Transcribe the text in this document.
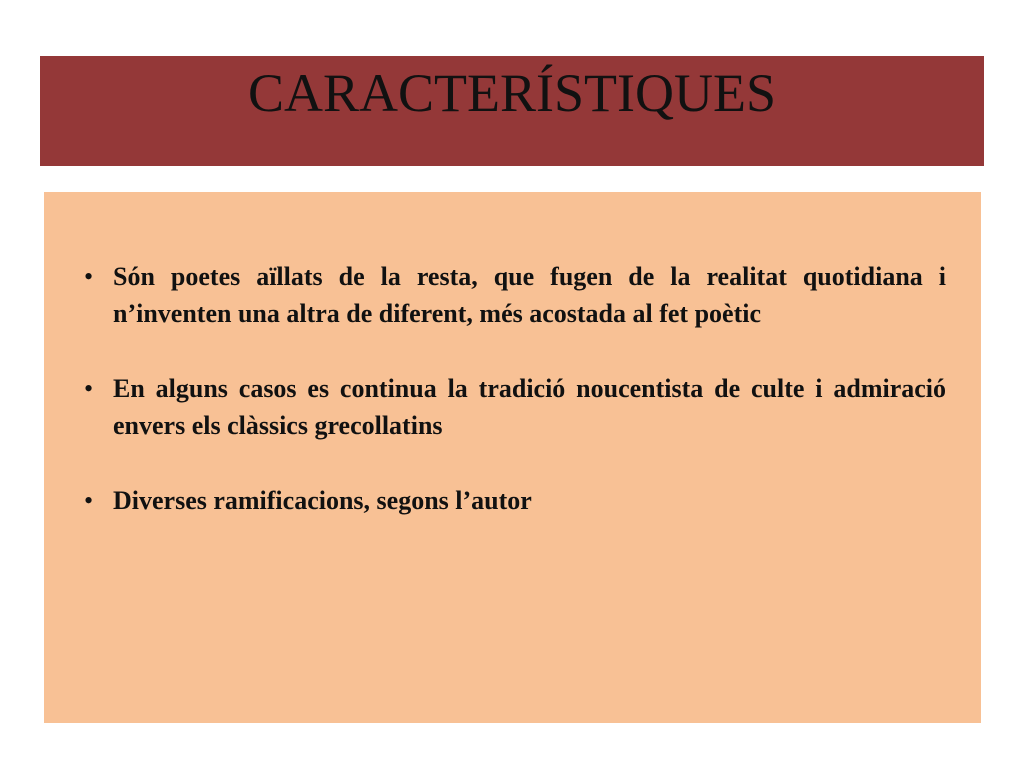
CARACTERÍSTIQUES
• Són poetes aïllats de la resta, que fugen de la realitat quotidiana i n’inventen una altra de diferent, més acostada al fet poètic
• En alguns casos es continua la tradició noucentista de culte i admiració envers els clàssics grecollatins
• Diverses ramificacions, segons l’autor
